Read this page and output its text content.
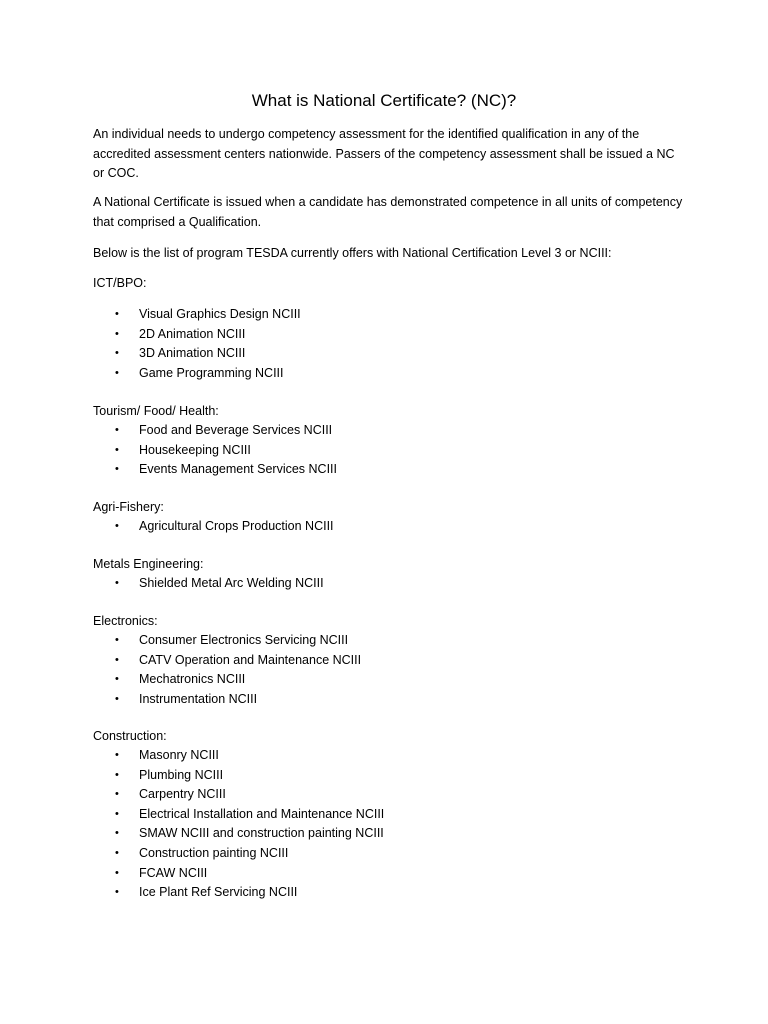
What is National Certificate? (NC)?

An individual needs to undergo competency assessment for the identified qualification in any of the accredited assessment centers nationwide. Passers of the competency assessment shall be issued a NC or COC.

A National Certificate is issued when a candidate has demonstrated competence in all units of competency that comprised a Qualification.

Below is the list of program TESDA currently offers with National Certification Level 3 or NCIII:

ICT/BPO:
• Visual Graphics Design NCIII
• 2D Animation NCIII
• 3D Animation NCIII
• Game Programming NCIII
Tourism/ Food/ Health:
• Food and Beverage Services NCIII
• Housekeeping NCIII
• Events Management Services NCIII
Agri-Fishery:
• Agricultural Crops Production NCIII
Metals Engineering:
• Shielded Metal Arc Welding NCIII
Electronics:
• Consumer Electronics Servicing NCIII
• CATV Operation and Maintenance NCIII
• Mechatronics NCIII
• Instrumentation NCIII
Construction:
• Masonry NCIII
• Plumbing NCIII
• Carpentry NCIII
• Electrical Installation and Maintenance NCIII
• SMAW NCIII and construction painting NCIII
• Construction painting NCIII
• FCAW NCIII
• Ice Plant Ref Servicing NCIII
